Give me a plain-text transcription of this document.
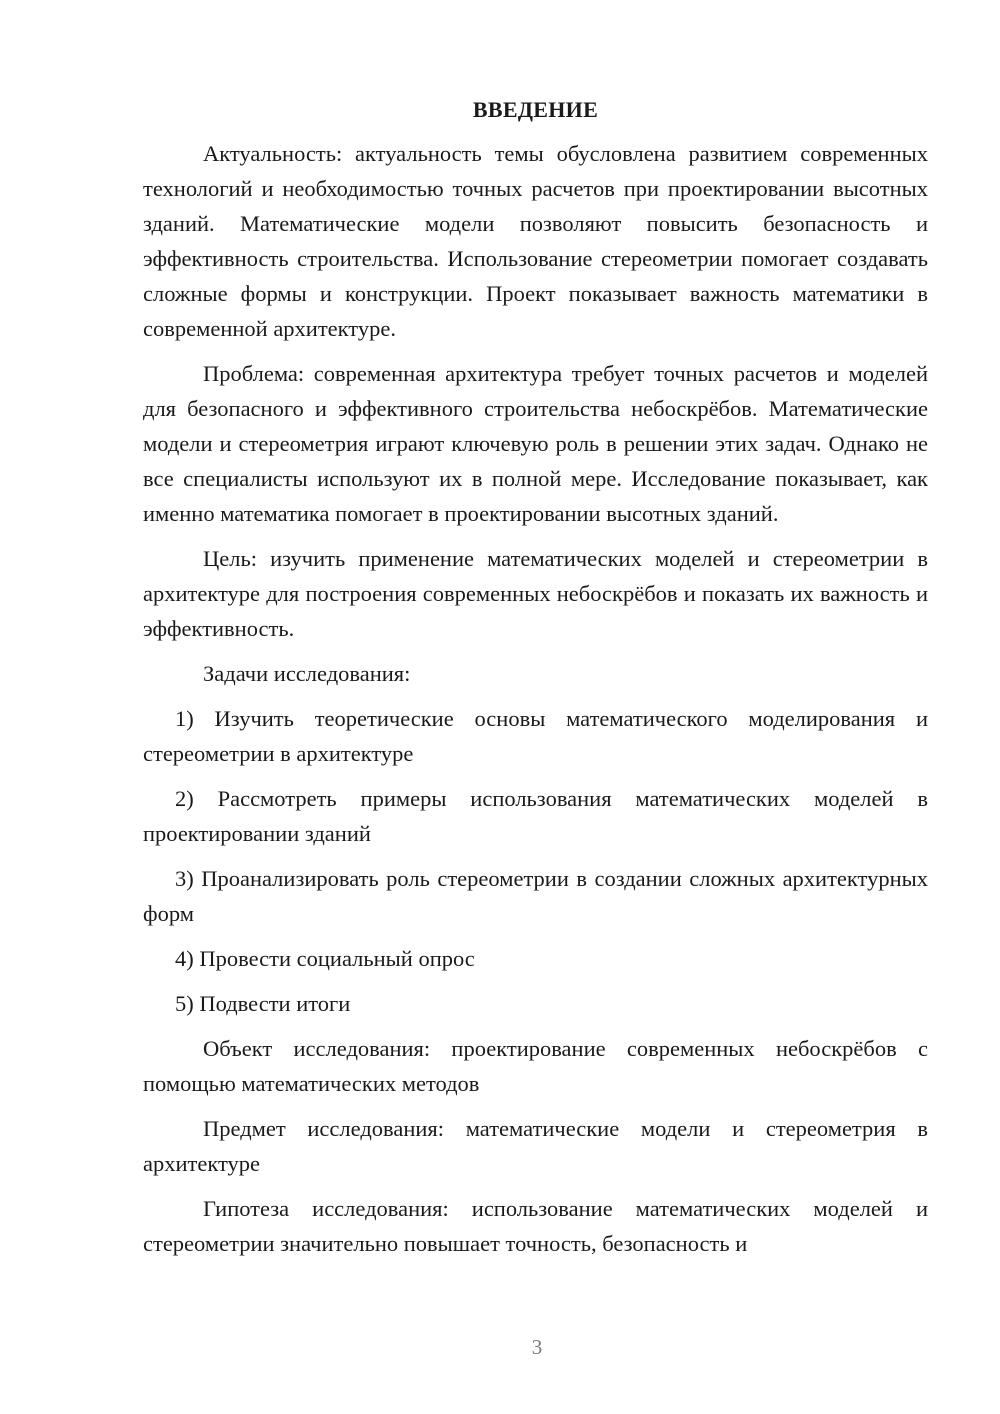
ВВЕДЕНИЕ

Актуальность: актуальность темы обусловлена развитием современных технологий и необходимостью точных расчетов при проектировании высотных зданий. Математические модели позволяют повысить безопасность и эффективность строительства. Использование стереометрии помогает создавать сложные формы и конструкции. Проект показывает важность математики в современной архитектуре.

Проблема: современная архитектура требует точных расчетов и моделей для безопасного и эффективного строительства небоскрёбов. Математические модели и стереометрия играют ключевую роль в решении этих задач. Однако не все специалисты используют их в полной мере. Исследование показывает, как именно математика помогает в проектировании высотных зданий.

Цель: изучить применение математических моделей и стереометрии в архитектуре для построения современных небоскрёбов и показать их важность и эффективность.

Задачи исследования:

1) Изучить теоретические основы математического моделирования и стереометрии в архитектуре

2) Рассмотреть примеры использования математических моделей в проектировании зданий

3) Проанализировать роль стереометрии в создании сложных архитектурных форм

4) Провести социальный опрос

5) Подвести итоги

Объект исследования: проектирование современных небоскрёбов с помощью математических методов

Предмет исследования: математические модели и стереометрия в архитектуре

Гипотеза исследования: использование математических моделей и стереометрии значительно повышает точность, безопасность и

3
